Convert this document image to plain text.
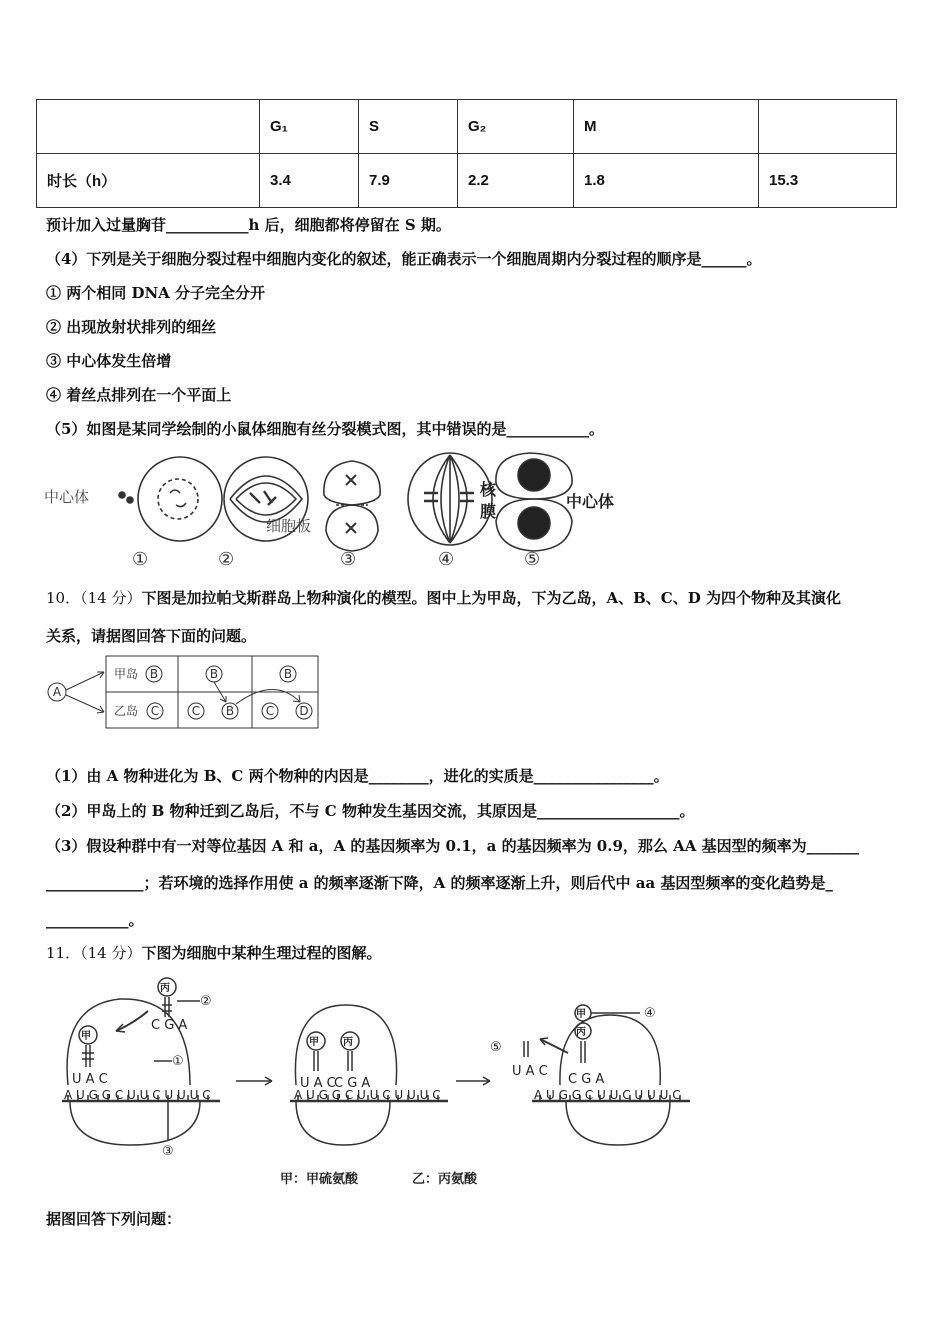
	G₁	S	G₂	M	
时长（h）	3.4	7.9	2.2	1.8	15.3
预计加入过量胸苷___________h 后，细胞都将停留在 S 期。
（4）下列是关于细胞分裂过程中细胞内变化的叙述，能正确表示一个细胞周期内分裂过程的顺序是______。
① 两个相同 DNA 分子完全分开
② 出现放射状排列的细丝
③ 中心体发生倍增
④ 着丝点排列在一个平面上
（5）如图是某同学绘制的小鼠体细胞有丝分裂模式图，其中错误的是___________。
中心体
细胞板
核
膜
中心体
①	②	③	④	⑤
10．（14 分）下图是加拉帕戈斯群岛上物种演化的模型。图中上为甲岛，下为乙岛，A、B、C、D 为四个物种及其演化
关系，请据图回答下面的问题。
A
甲岛
乙岛
B
C
B
C B
B
C D
（1）由 A 物种进化为 B、C 两个物种的内因是________，进化的实质是________________。
（2）甲岛上的 B 物种迁到乙岛后，不与 C 物种发生基因交流，其原因是___________________。
（3）假设种群中有一对等位基因 A 和 a，A 的基因频率为 0.1，a 的基因频率为 0.9，那么 AA 基因型的频率为_______
_____________；若环境的选择作用使 a 的频率逐渐下降，A 的频率逐渐上升，则后代中 aa 基因型频率的变化趋势是_
___________。
11．（14 分）下图为细胞中某种生理过程的图解。
甲
丙
②
①
③
C G A
U A C
A U G G C U U C U U U C
甲 丙
U A C
C G A
A U G G C U U C U U U C
甲
丙
④
⑤
U A C
C G A
A U G G C U U C U U U C
甲：甲硫氨酸	乙：丙氨酸
据图回答下列问题：
